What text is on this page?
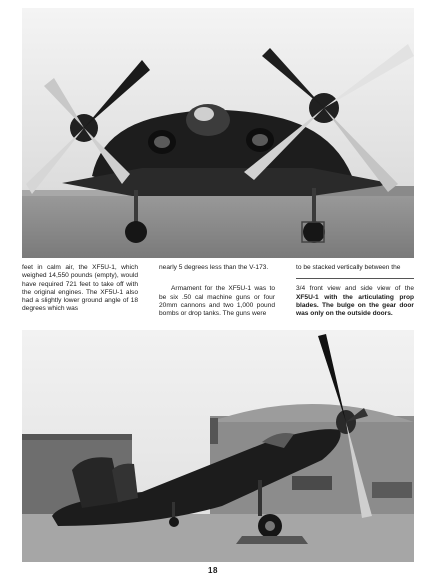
feet in calm air, the XF5U-1, which weighed 14,550 pounds (empty), would have required 721 feet to take off with the original engines. The XF5U-1 also had a slightly lower ground angle of 18 degrees which was

nearly 5 degrees less than the V-173.

Armament for the XF5U-1 was to be six .50 cal machine guns or four 20mm cannons and two 1,000 pound bombs or drop tanks. The guns were

to be stacked vertically between the

3/4 front view and side view of the XF5U-1 with the articulating prop blades. The bulge on the gear door was only on the outside doors.

18
